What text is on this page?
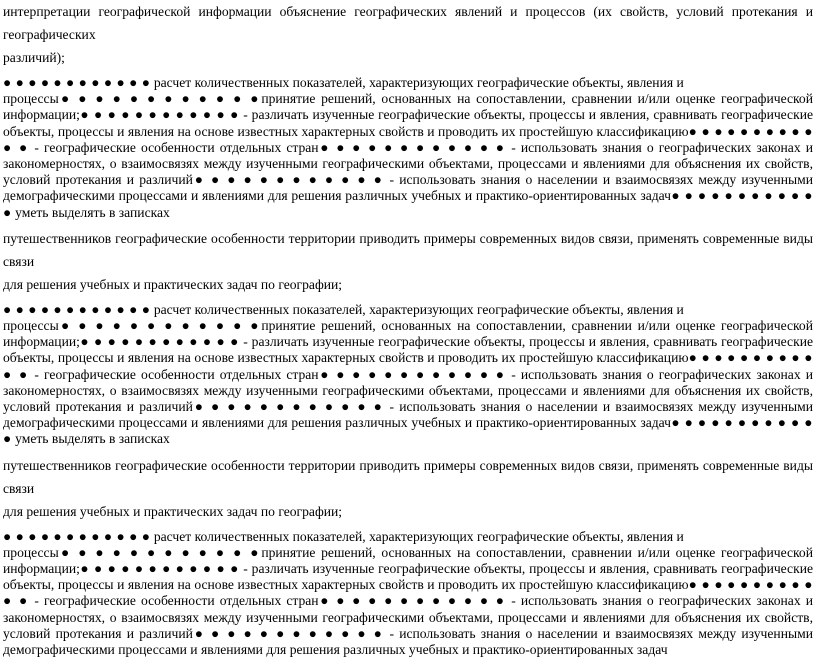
интерпретации географической информации объяснение географических явлений и процессов (их свойств, условий протекания и географических

различий);

● ● ● ● ● ● ● ● ● ● ● ● расчет количественных показателей, характеризующих географические объекты, явления и

процессы● ● ● ● ● ● ● ● ● ● ● ●принятие решений, основанных на сопоставлении, сравнении и/или оценке географической информации;● ● ● ● ● ● ● ● ● ● ● ● - различать изученные географические объекты, процессы и явления, сравнивать географические объекты, процессы и явления на основе известных характерных свойств и проводить их простейшую классификацию● ● ● ● ● ● ● ● ● ● ● ● - географические особенности отдельных стран● ● ● ● ● ● ● ● ● ● ● ● - использовать знания о географических законах и закономерностях, о взаимосвязях между изученными географическими объектами, процессами и явлениями для объяснения их свойств, условий протекания и различий● ● ● ● ● ● ● ● ● ● ● ● - использовать знания о населении и взаимосвязях между изученными демографическими процессами и явлениями для решения различных учебных и практико-ориентированных задач● ● ● ● ● ● ● ● ● ● ● ● уметь выделять в записках

путешественников географические особенности территории приводить примеры современных видов связи, применять современные виды связи

для решения учебных и практических задач по географии;

● ● ● ● ● ● ● ● ● ● ● ● расчет количественных показателей, характеризующих географические объекты, явления и

процессы● ● ● ● ● ● ● ● ● ● ● ●принятие решений, основанных на сопоставлении, сравнении и/или оценке географической информации;● ● ● ● ● ● ● ● ● ● ● ● - различать изученные географические объекты, процессы и явления, сравнивать географические объекты, процессы и явления на основе известных характерных свойств и проводить их простейшую классификацию● ● ● ● ● ● ● ● ● ● ● ● - географические особенности отдельных стран● ● ● ● ● ● ● ● ● ● ● ● - использовать знания о географических законах и закономерностях, о взаимосвязях между изученными географическими объектами, процессами и явлениями для объяснения их свойств, условий протекания и различий● ● ● ● ● ● ● ● ● ● ● ● - использовать знания о населении и взаимосвязях между изученными демографическими процессами и явлениями для решения различных учебных и практико-ориентированных задач● ● ● ● ● ● ● ● ● ● ● ● уметь выделять в записках

путешественников географические особенности территории приводить примеры современных видов связи, применять современные виды связи

для решения учебных и практических задач по географии;

● ● ● ● ● ● ● ● ● ● ● ● расчет количественных показателей, характеризующих географические объекты, явления и

процессы● ● ● ● ● ● ● ● ● ● ● ●принятие решений, основанных на сопоставлении, сравнении и/или оценке географической информации;● ● ● ● ● ● ● ● ● ● ● ● - различать изученные географические объекты, процессы и явления, сравнивать географические объекты, процессы и явления на основе известных характерных свойств и проводить их простейшую классификацию● ● ● ● ● ● ● ● ● ● ● ● - географические особенности отдельных стран● ● ● ● ● ● ● ● ● ● ● ● - использовать знания о географических законах и закономерностях, о взаимосвязях между изученными географическими объектами, процессами и явлениями для объяснения их свойств, условий протекания и различий● ● ● ● ● ● ● ● ● ● ● ● - использовать знания о населении и взаимосвязях между изученными демографическими процессами и явлениями для решения различных учебных и практико-ориентированных задач
